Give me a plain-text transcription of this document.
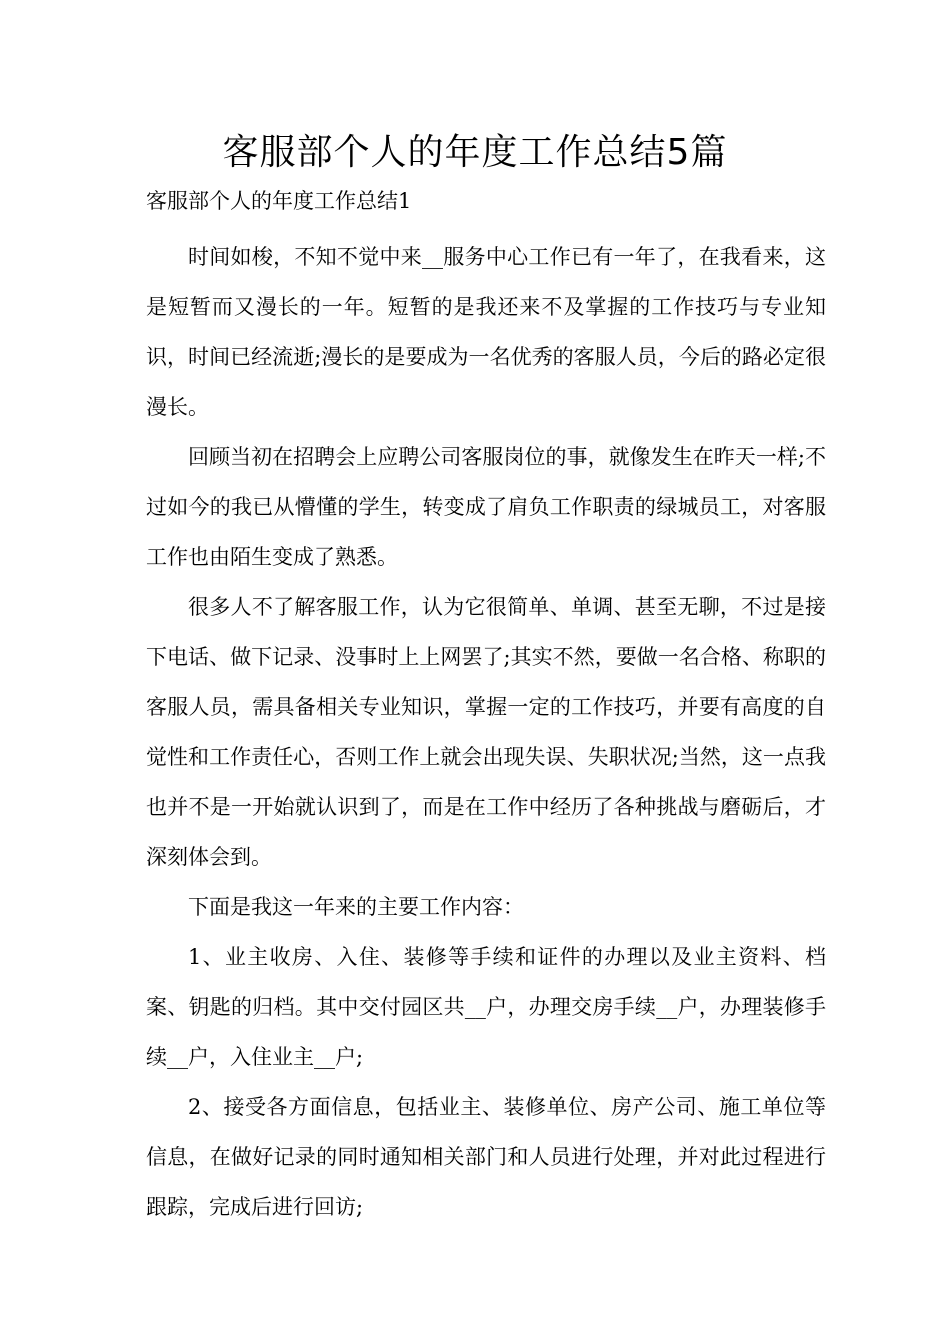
客服部个人的年度工作总结5篇

客服部个人的年度工作总结1

时间如梭，不知不觉中来__服务中心工作已有一年了，在我看来，这是短暂而又漫长的一年。短暂的是我还来不及掌握的工作技巧与专业知识，时间已经流逝;漫长的是要成为一名优秀的客服人员，今后的路必定很漫长。

回顾当初在招聘会上应聘公司客服岗位的事，就像发生在昨天一样;不过如今的我已从懵懂的学生，转变成了肩负工作职责的绿城员工，对客服工作也由陌生变成了熟悉。

很多人不了解客服工作，认为它很简单、单调、甚至无聊，不过是接下电话、做下记录、没事时上上网罢了;其实不然，要做一名合格、称职的客服人员，需具备相关专业知识，掌握一定的工作技巧，并要有高度的自觉性和工作责任心，否则工作上就会出现失误、失职状况;当然，这一点我也并不是一开始就认识到了，而是在工作中经历了各种挑战与磨砺后，才深刻体会到。

下面是我这一年来的主要工作内容：

1、业主收房、入住、装修等手续和证件的办理以及业主资料、档案、钥匙的归档。其中交付园区共__户，办理交房手续__户，办理装修手续__户，入住业主__户;

2、接受各方面信息，包括业主、装修单位、房产公司、施工单位等信息，在做好记录的同时通知相关部门和人员进行处理，并对此过程进行跟踪，完成后进行回访;
